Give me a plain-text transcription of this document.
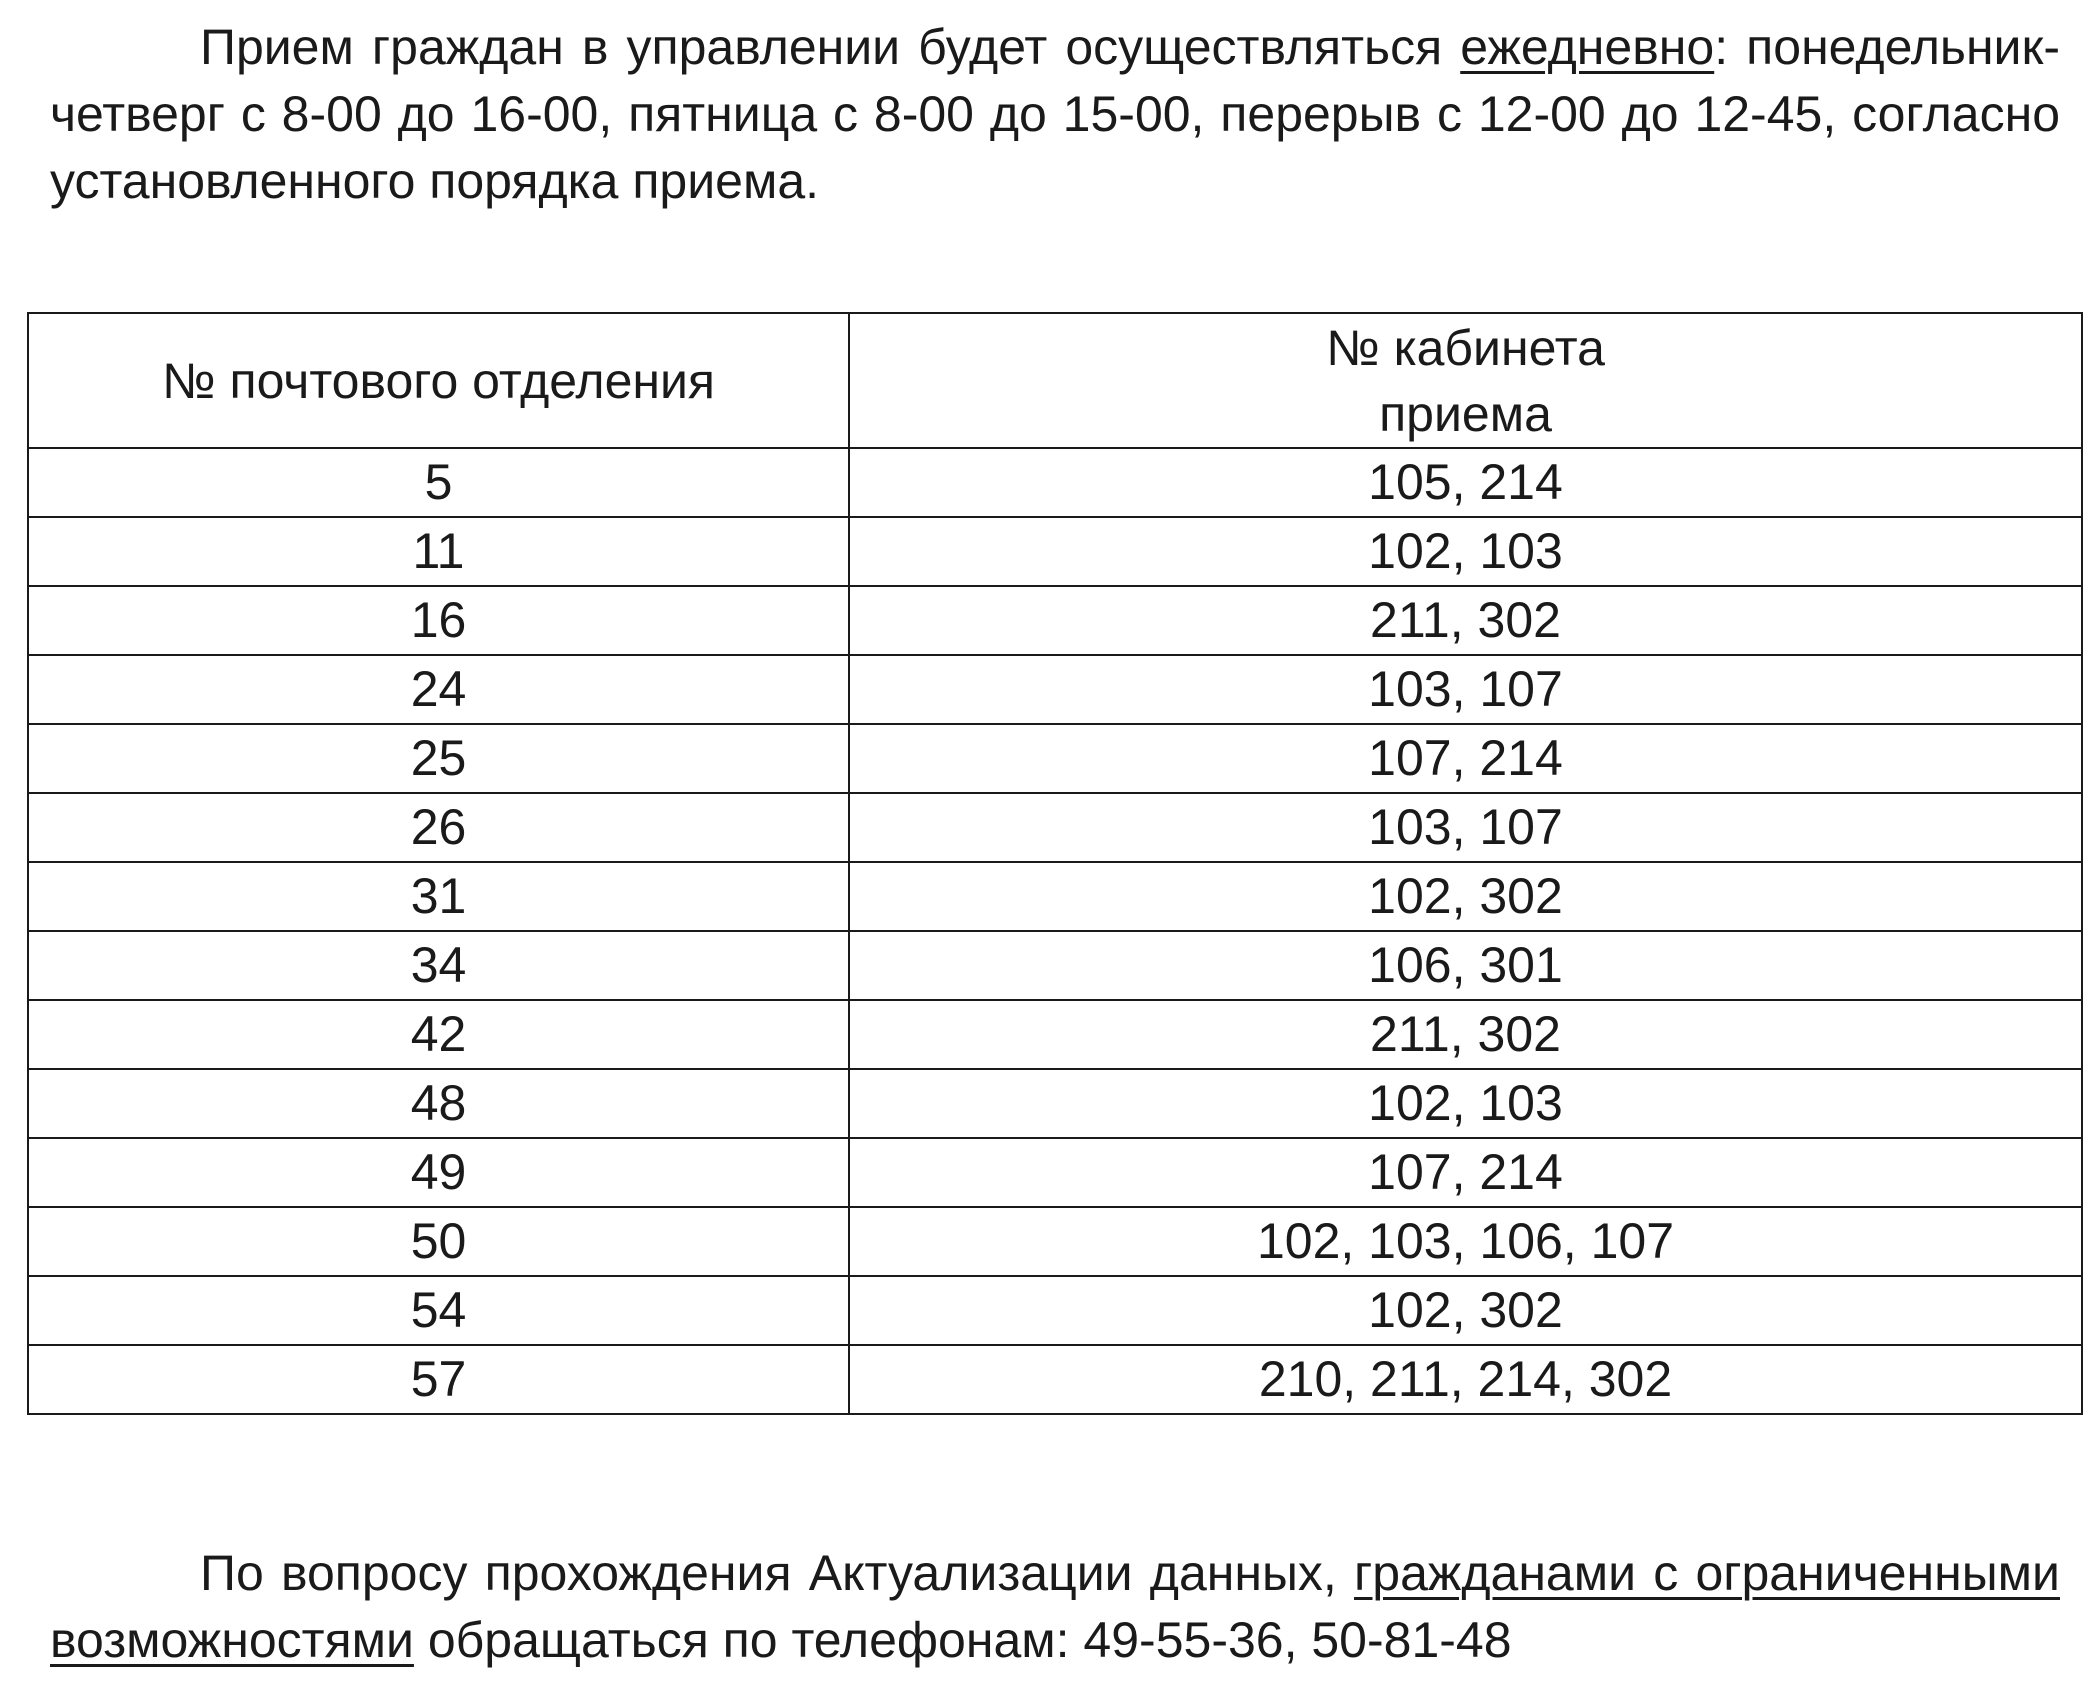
Прием граждан в управлении будет осуществляться ежедневно: понедельник-четверг с 8-00 до 16-00, пятница с 8-00 до 15-00, перерыв с 12-00 до 12-45, согласно установленного порядка приема.

№ почтового отделения	№ кабинета
приема

5	105, 214
11	102, 103
16	211, 302
24	103, 107
25	107, 214
26	103, 107
31	102, 302
34	106, 301
42	211, 302
48	102, 103
49	107, 214
50	102, 103, 106, 107
54	102, 302
57	210, 211, 214, 302

По вопросу прохождения Актуализации данных, гражданами с ограниченными возможностями обращаться по телефонам: 49-55-36, 50-81-48
